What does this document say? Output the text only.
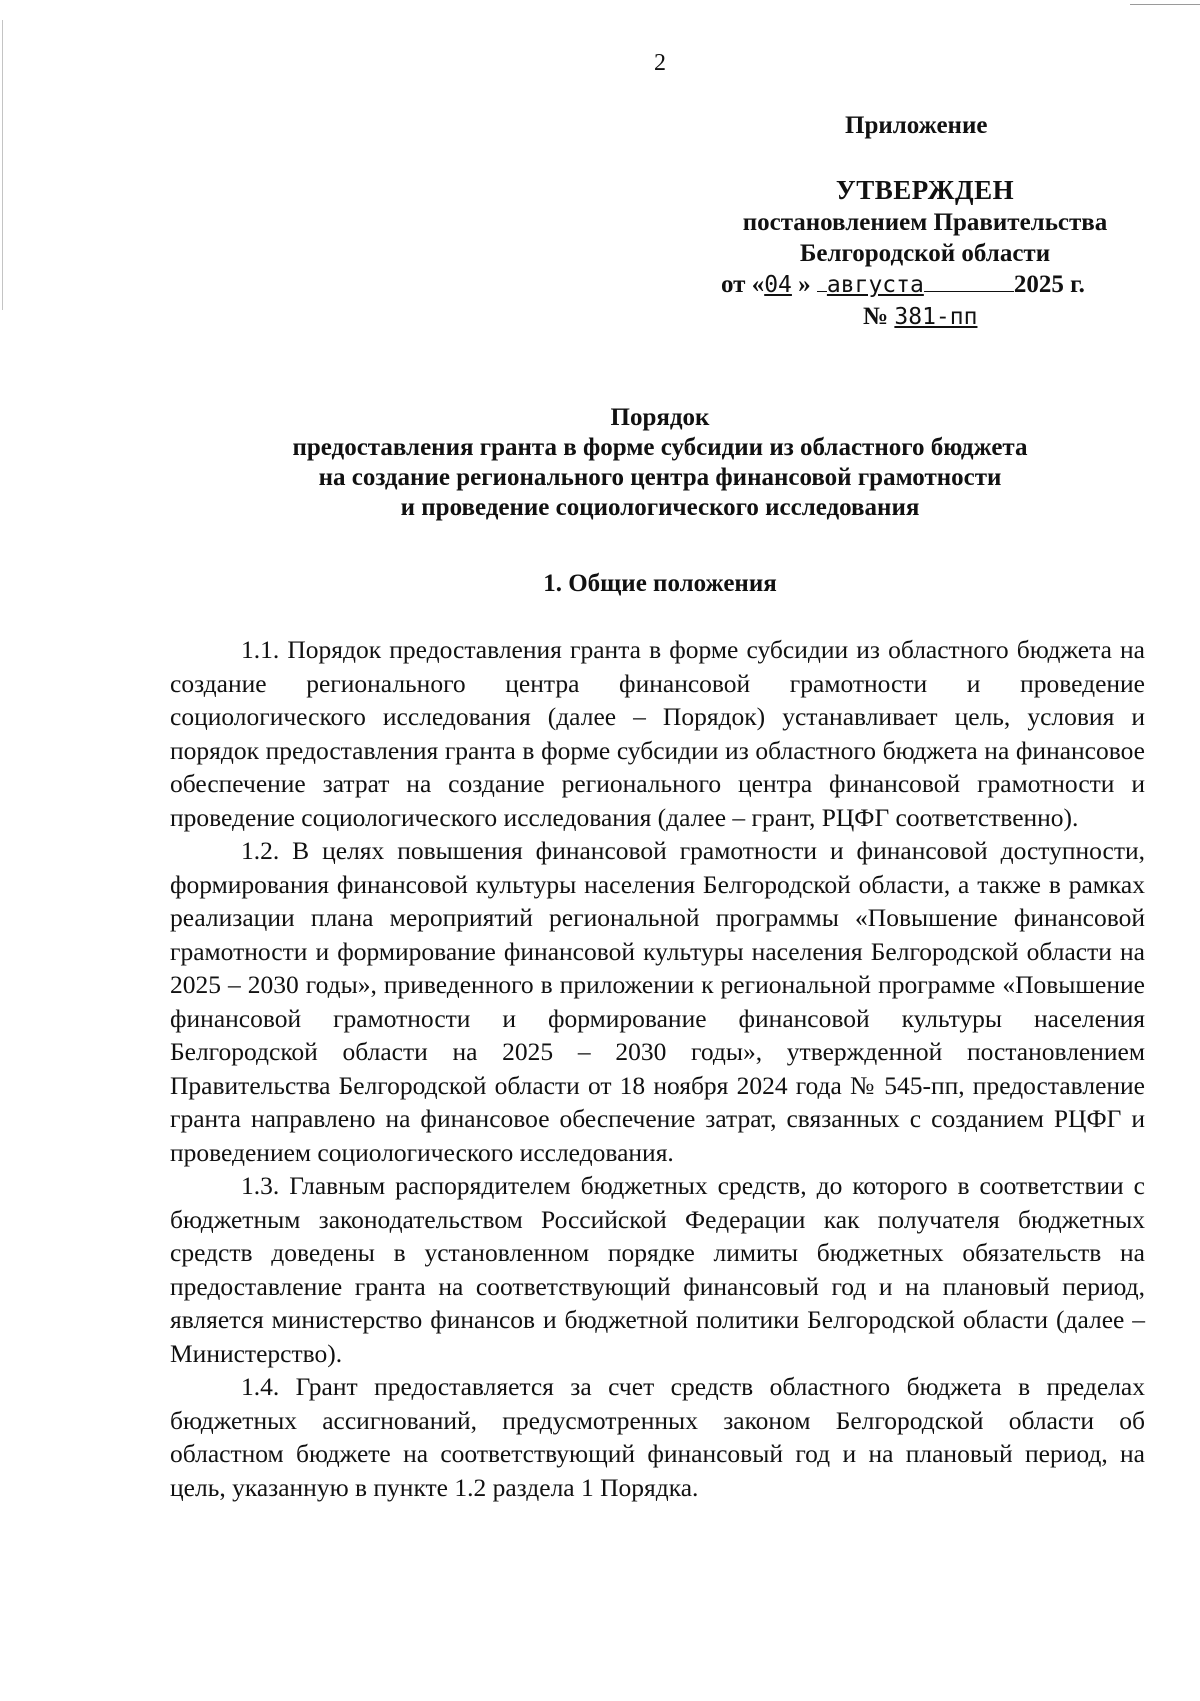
2
Приложение
УТВЕРЖДЕН
постановлением Правительства
Белгородской области
от «04 » августа	2025 г.
№ 381-пп
Порядок
предоставления гранта в форме субсидии из областного бюджета
на создание регионального центра финансовой грамотности
и проведение социологического исследования
1. Общие положения

1.1. Порядок предоставления гранта в форме субсидии из областного бюджета на создание регионального центра финансовой грамотности и проведение социологического исследования (далее – Порядок) устанавливает цель, условия и порядок предоставления гранта в форме субсидии из областного бюджета на финансовое обеспечение затрат на создание регионального центра финансовой грамотности и проведение социологического исследования (далее – грант, РЦФГ соответственно).

1.2. В целях повышения финансовой грамотности и финансовой доступности, формирования финансовой культуры населения Белгородской области, а также в рамках реализации плана мероприятий региональной программы «Повышение финансовой грамотности и формирование финансовой культуры населения Белгородской области на 2025 – 2030 годы», приведенного в приложении к региональной программе «Повышение финансовой грамотности и формирование финансовой культуры населения Белгородской области на 2025 – 2030 годы», утвержденной постановлением Правительства Белгородской области от 18 ноября 2024 года № 545-пп, предоставление гранта направлено на финансовое обеспечение затрат, связанных с созданием РЦФГ и проведением социологического исследования.

1.3. Главным распорядителем бюджетных средств, до которого в соответствии с бюджетным законодательством Российской Федерации как получателя бюджетных средств доведены в установленном порядке лимиты бюджетных обязательств на предоставление гранта на соответствующий финансовый год и на плановый период, является министерство финансов и бюджетной политики Белгородской области (далее – Министерство).

1.4. Грант предоставляется за счет средств областного бюджета в пределах бюджетных ассигнований, предусмотренных законом Белгородской области об областном бюджете на соответствующий финансовый год и на плановый период, на цель, указанную в пункте 1.2 раздела 1 Порядка.
